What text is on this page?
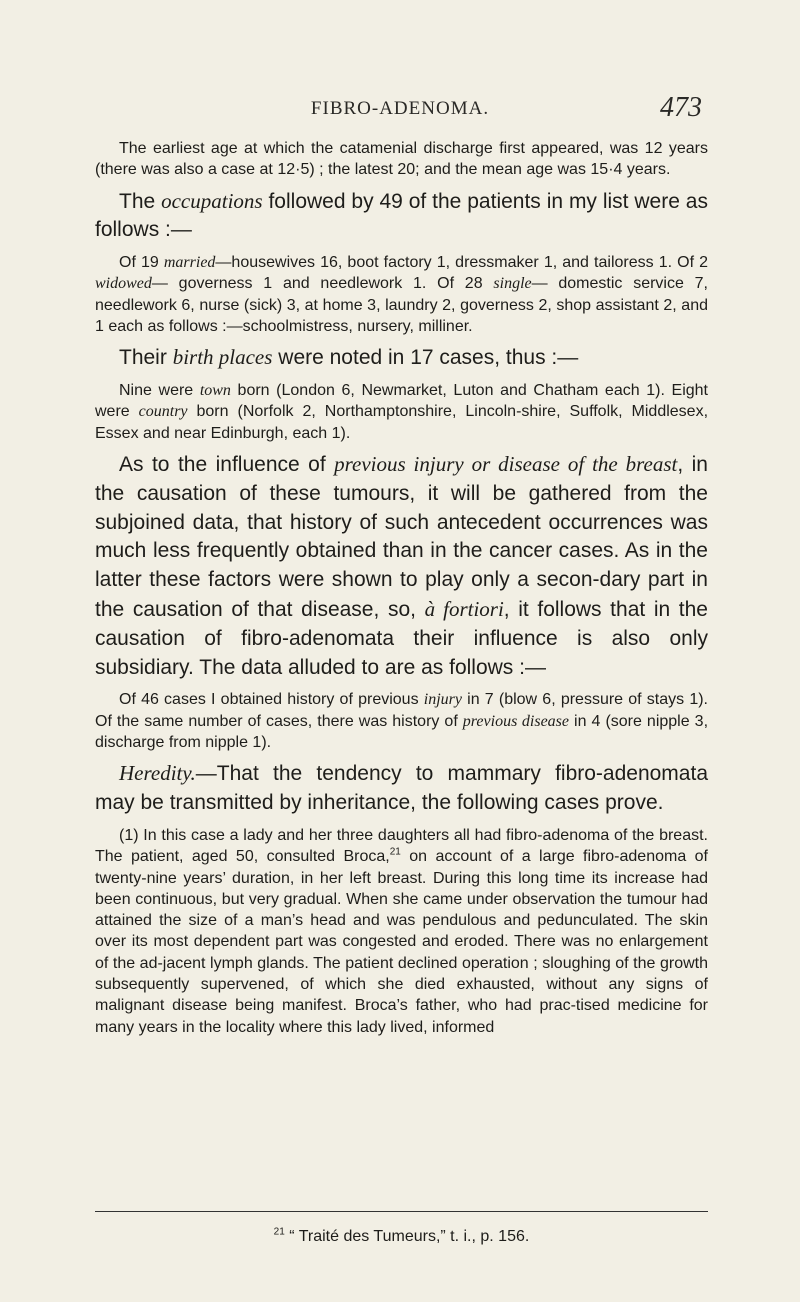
FIBRO-ADENOMA.	473

The earliest age at which the catamenial discharge first appeared, was 12 years (there was also a case at 12·5) ; the latest 20; and the mean age was 15·4 years.

The occupations followed by 49 of the patients in my list were as follows :—

Of 19 married—housewives 16, boot factory 1, dressmaker 1, and tailoress 1. Of 2 widowed— governess 1 and needlework 1. Of 28 single— domestic service 7, needlework 6, nurse (sick) 3, at home 3, laundry 2, governess 2, shop assistant 2, and 1 each as follows :—schoolmistress, nursery, milliner.

Their birth places were noted in 17 cases, thus :—

Nine were town born (London 6, Newmarket, Luton and Chatham each 1). Eight were country born (Norfolk 2, Northamptonshire, Lincoln-shire, Suffolk, Middlesex, Essex and near Edinburgh, each 1).

As to the influence of previous injury or disease of the breast, in the causation of these tumours, it will be gathered from the subjoined data, that history of such antecedent occurrences was much less frequently obtained than in the cancer cases. As in the latter these factors were shown to play only a secon-dary part in the causation of that disease, so, à fortiori, it follows that in the causation of fibro-adenomata their influence is also only subsidiary. The data alluded to are as follows :—

Of 46 cases I obtained history of previous injury in 7 (blow 6, pressure of stays 1). Of the same number of cases, there was history of previous disease in 4 (sore nipple 3, discharge from nipple 1).

Heredity.—That the tendency to mammary fibro-adenomata may be transmitted by inheritance, the following cases prove.

(1) In this case a lady and her three daughters all had fibro-adenoma of the breast. The patient, aged 50, consulted Broca,$^{21}$ on account of a large fibro-adenoma of twenty-nine years’ duration, in her left breast. During this long time its increase had been continuous, but very gradual. When she came under observation the tumour had attained the size of a man’s head and was pendulous and pedunculated. The skin over its most dependent part was congested and eroded. There was no enlargement of the ad-jacent lymph glands. The patient declined operation ; sloughing of the growth subsequently supervened, of which she died exhausted, without any signs of malignant disease being manifest. Broca’s father, who had prac-tised medicine for many years in the locality where this lady lived, informed

$^{21}$ “ Traité des Tumeurs,” t. i., p. 156.
